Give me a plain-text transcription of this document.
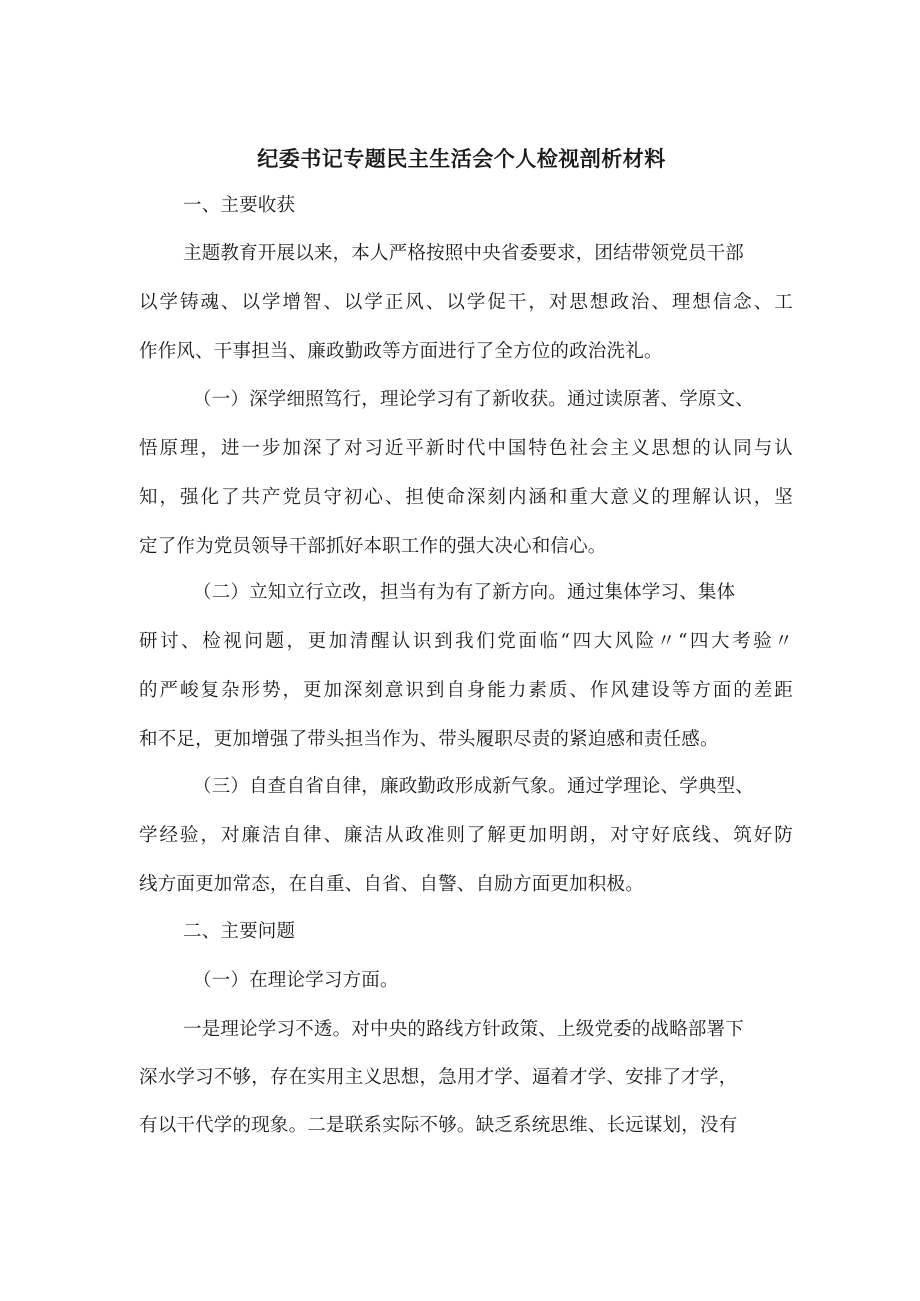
纪委书记专题民主生活会个人检视剖析材料
一、主要收获
主题教育开展以来，本人严格按照中央省委要求，团结带领党员干部
以学铸魂、以学增智、以学正风、以学促干，对思想政治、理想信念、工
作作风、干事担当、廉政勤政等方面进行了全方位的政治洗礼。
（一）深学细照笃行，理论学习有了新收获。通过读原著、学原文、
悟原理，进一步加深了对习近平新时代中国特色社会主义思想的认同与认
知，强化了共产党员守初心、担使命深刻内涵和重大意义的理解认识，坚
定了作为党员领导干部抓好本职工作的强大决心和信心。
（二）立知立行立改，担当有为有了新方向。通过集体学习、集体
研讨、检视问题，更加清醒认识到我们党面临“四大风险〃“四大考验〃
的严峻复杂形势，更加深刻意识到自身能力素质、作风建设等方面的差距
和不足，更加增强了带头担当作为、带头履职尽责的紧迫感和责任感。
（三）自查自省自律，廉政勤政形成新气象。通过学理论、学典型、
学经验，对廉洁自律、廉洁从政准则了解更加明朗，对守好底线、筑好防
线方面更加常态，在自重、自省、自警、自励方面更加积极。
二、主要问题
（一）在理论学习方面。
一是理论学习不透。对中央的路线方针政策、上级党委的战略部署下
深水学习不够，存在实用主义思想，急用才学、逼着才学、安排了才学，
有以干代学的现象。二是联系实际不够。缺乏系统思维、长远谋划，没有
